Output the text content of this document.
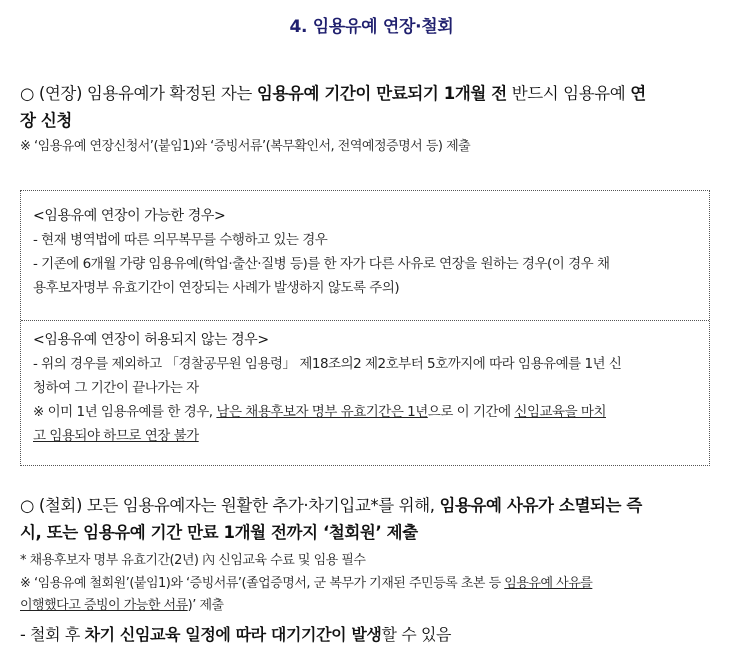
4. 임용유예 연장·철회
○ (연장) 임용유예가 확정된 자는 임용유예 기간이 만료되기 1개월 전 반드시 임용유예 연
장 신청
※ ‘임용유예 연장신청서’(붙임1)와 ‘증빙서류’(복무확인서, 전역예정증명서 등) 제출
<임용유예 연장이 가능한 경우>
- 현재 병역법에 따른 의무복무를 수행하고 있는 경우
- 기존에 6개월 가량 임용유예(학업·출산·질병 등)를 한 자가 다른 사유로 연장을 원하는 경우(이 경우 채
용후보자명부 유효기간이 연장되는 사례가 발생하지 않도록 주의)
<임용유예 연장이 허용되지 않는 경우>
- 위의 경우를 제외하고 「경찰공무원 임용령」 제18조의2 제2호부터 5호까지에 따라 임용유예를 1년 신
청하여 그 기간이 끝나가는 자
※ 이미 1년 임용유예를 한 경우, 남은 채용후보자 명부 유효기간은 1년으로 이 기간에 신임교육을 마치
고 임용되야 하므로 연장 불가
○ (철회) 모든 임용유예자는 원활한 추가·차기입교*를 위해, 임용유예 사유가 소멸되는 즉
시, 또는 임용유예 기간 만료 1개월 전까지 ‘철회원’ 제출
* 채용후보자 명부 유효기간(2년) 內 신임교육 수료 및 임용 필수
※ ‘임용유예 철회원’(붙임1)와 ‘증빙서류’(졸업증명서, 군 복무가 기재된 주민등록 초본 등 임용유예 사유를
이행했다고 증빙이 가능한 서류)’ 제출
- 철회 후 차기 신임교육 일정에 따라 대기기간이 발생할 수 있음
